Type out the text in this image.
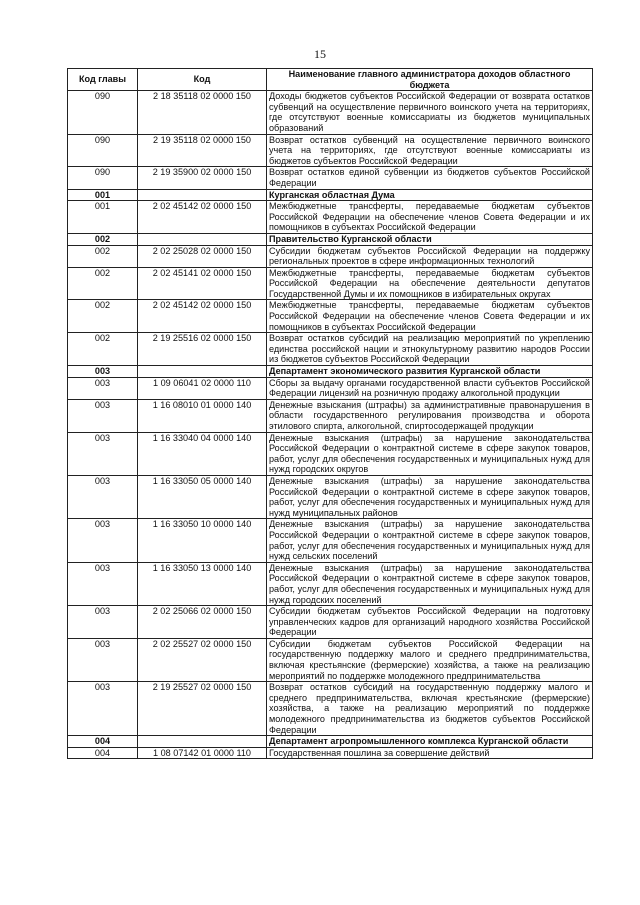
15
Код главы	Код	Наименование главного администратора доходов областного бюджета
090	2 18 35118 02 0000 150	Доходы бюджетов субъектов Российской Федерации от возврата остатков субвенций на осуществление первичного воинского учета на территориях, где отсутствуют военные комиссариаты из бюджетов муниципальных образований
090	2 19 35118 02 0000 150	Возврат остатков субвенций на осуществление первичного воинского учета на территориях, где отсутствуют военные комиссариаты из бюджетов субъектов Российской Федерации
090	2 19 35900 02 0000 150	Возврат остатков единой субвенции из бюджетов субъектов Российской Федерации
001		Курганская областная Дума
001	2 02 45142 02 0000 150	Межбюджетные трансферты, передаваемые бюджетам субъектов Российской Федерации на обеспечение членов Совета Федерации и их помощников в субъектах Российской Федерации
002		Правительство Курганской области
002	2 02 25028 02 0000 150	Субсидии бюджетам субъектов Российской Федерации на поддержку региональных проектов в сфере информационных технологий
002	2 02 45141 02 0000 150	Межбюджетные трансферты, передаваемые бюджетам субъектов Российской Федерации на обеспечение деятельности депутатов Государственной Думы и их помощников в избирательных округах
002	2 02 45142 02 0000 150	Межбюджетные трансферты, передаваемые бюджетам субъектов Российской Федерации на обеспечение членов Совета Федерации и их помощников в субъектах Российской Федерации
002	2 19 25516 02 0000 150	Возврат остатков субсидий на реализацию мероприятий по укреплению единства российской нации и этнокультурному развитию народов России из бюджетов субъектов Российской Федерации
003		Департамент экономического развития Курганской области
003	1 09 06041 02 0000 110	Сборы за выдачу органами государственной власти субъектов Российской Федерации лицензий на розничную продажу алкогольной продукции
003	1 16 08010 01 0000 140	Денежные взыскания (штрафы) за административные правонарушения в области государственного регулирования производства и оборота этилового спирта, алкогольной, спиртосодержащей продукции
003	1 16 33040 04 0000 140	Денежные взыскания (штрафы) за нарушение законодательства Российской Федерации о контрактной системе в сфере закупок товаров, работ, услуг для обеспечения государственных и муниципальных нужд для нужд городских округов
003	1 16 33050 05 0000 140	Денежные взыскания (штрафы) за нарушение законодательства Российской Федерации о контрактной системе в сфере закупок товаров, работ, услуг для обеспечения государственных и муниципальных нужд для нужд муниципальных районов
003	1 16 33050 10 0000 140	Денежные взыскания (штрафы) за нарушение законодательства Российской Федерации о контрактной системе в сфере закупок товаров, работ, услуг для обеспечения государственных и муниципальных нужд для нужд сельских поселений
003	1 16 33050 13 0000 140	Денежные взыскания (штрафы) за нарушение законодательства Российской Федерации о контрактной системе в сфере закупок товаров, работ, услуг для обеспечения государственных и муниципальных нужд для нужд городских поселений
003	2 02 25066 02 0000 150	Субсидии бюджетам субъектов Российской Федерации на подготовку управленческих кадров для организаций народного хозяйства Российской Федерации
003	2 02 25527 02 0000 150	Субсидии бюджетам субъектов Российской Федерации на государственную поддержку малого и среднего предпринимательства, включая крестьянские (фермерские) хозяйства, а также на реализацию мероприятий по поддержке молодежного предпринимательства
003	2 19 25527 02 0000 150	Возврат остатков субсидий на государственную поддержку малого и среднего предпринимательства, включая крестьянские (фермерские) хозяйства, а также на реализацию мероприятий по поддержке молодежного предпринимательства из бюджетов субъектов Российской Федерации
004		Департамент агропромышленного комплекса Курганской области
004	1 08 07142 01 0000 110	Государственная пошлина за совершение действий
